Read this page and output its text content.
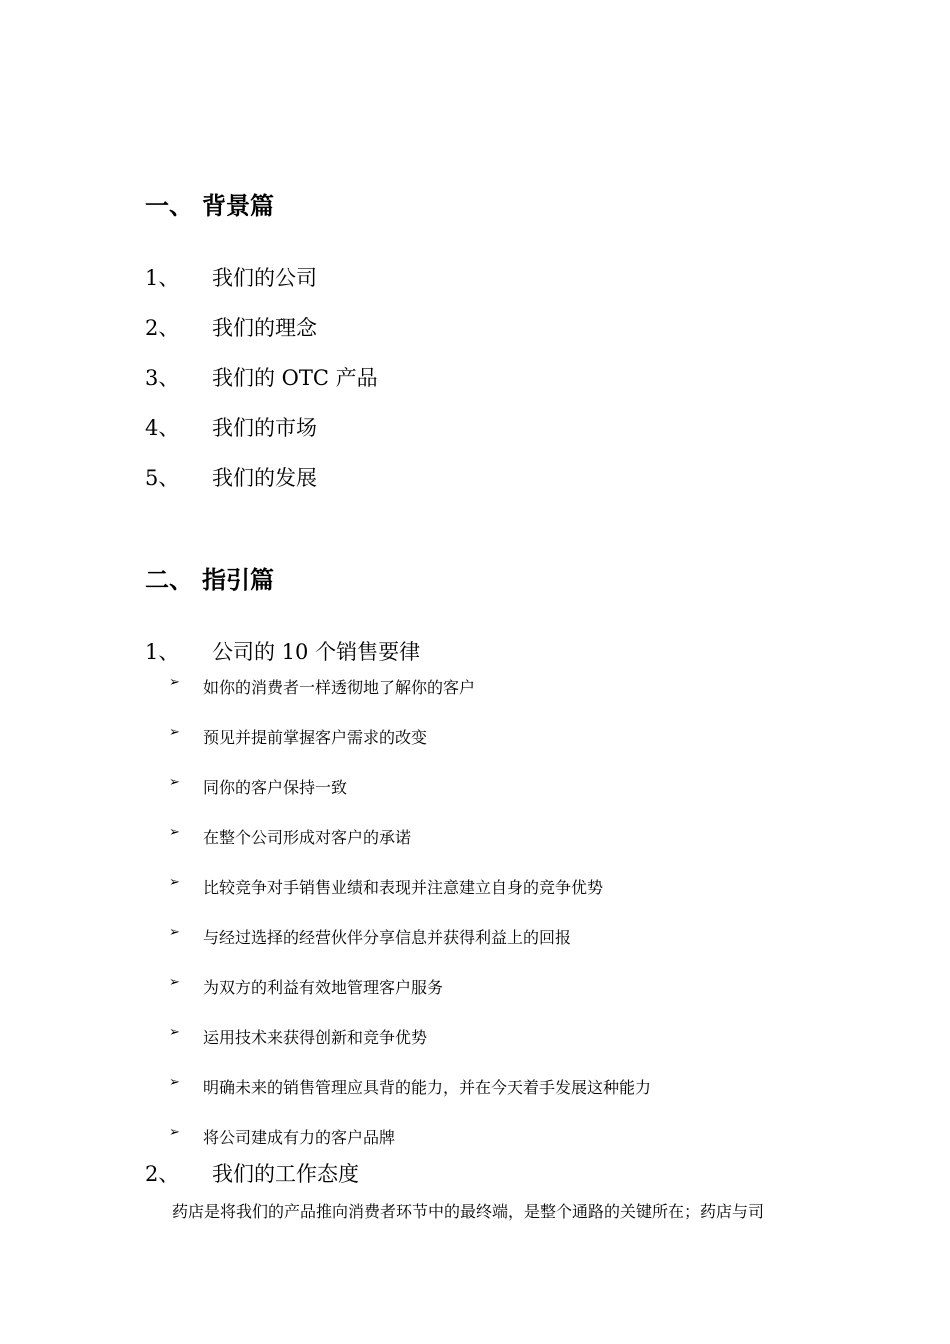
一、 背景篇
1、 我们的公司
2、 我们的理念
3、 我们的 OTC 产品
4、 我们的市场
5、 我们的发展
二、 指引篇
1、 公司的 10 个销售要律
➢ 如你的消费者一样透彻地了解你的客户
➢ 预见并提前掌握客户需求的改变
➢ 同你的客户保持一致
➢ 在整个公司形成对客户的承诺
➢ 比较竞争对手销售业绩和表现并注意建立自身的竞争优势
➢ 与经过选择的经营伙伴分享信息并获得利益上的回报
➢ 为双方的利益有效地管理客户服务
➢ 运用技术来获得创新和竞争优势
➢ 明确未来的销售管理应具背的能力，并在今天着手发展这种能力
➢ 将公司建成有力的客户品牌
2、 我们的工作态度
药店是将我们的产品推向消费者环节中的最终端，是整个通路的关键所在；药店与司
